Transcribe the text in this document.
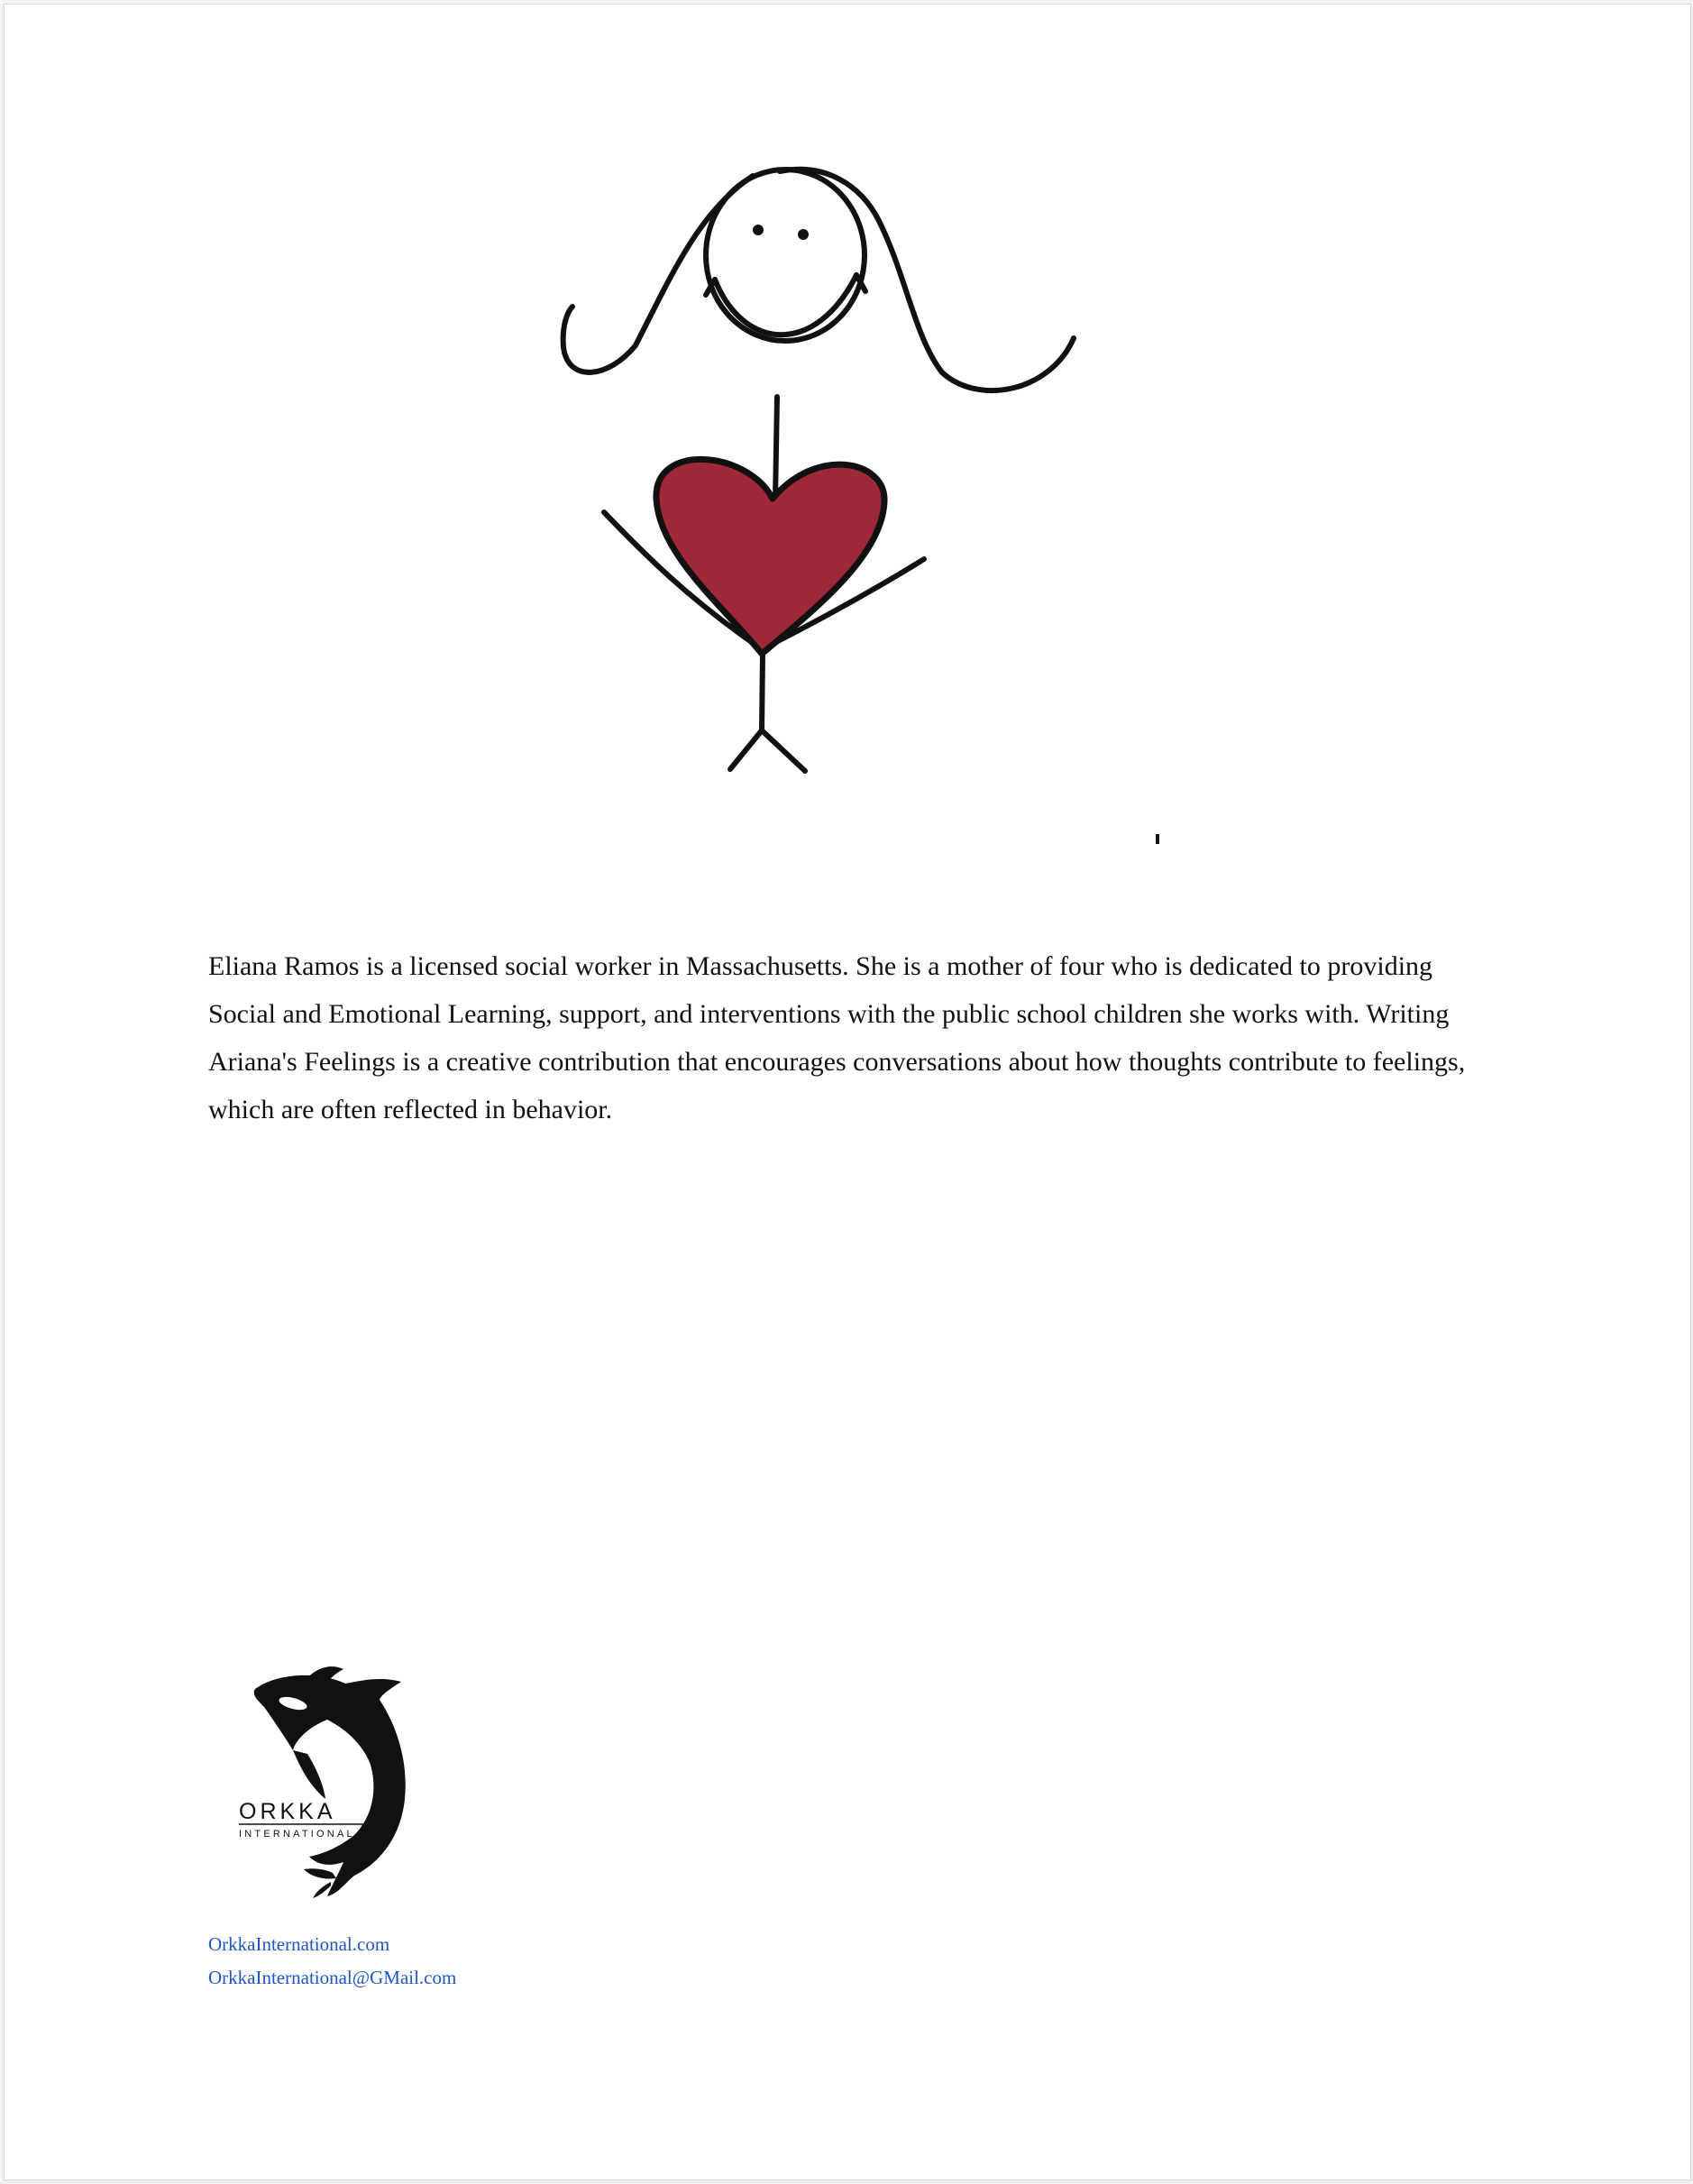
Eliana Ramos is a licensed social worker in Massachusetts. She is a mother of four who is dedicated to providing Social and Emotional Learning, support, and interventions with the public school children she works with. Writing Ariana's Feelings is a creative contribution that encourages conversations about how thoughts contribute to feelings, which are often reflected in behavior.

ORKKA
INTERNATIONAL
OrkkaInternational.com
OrkkaInternational@GMail.com
